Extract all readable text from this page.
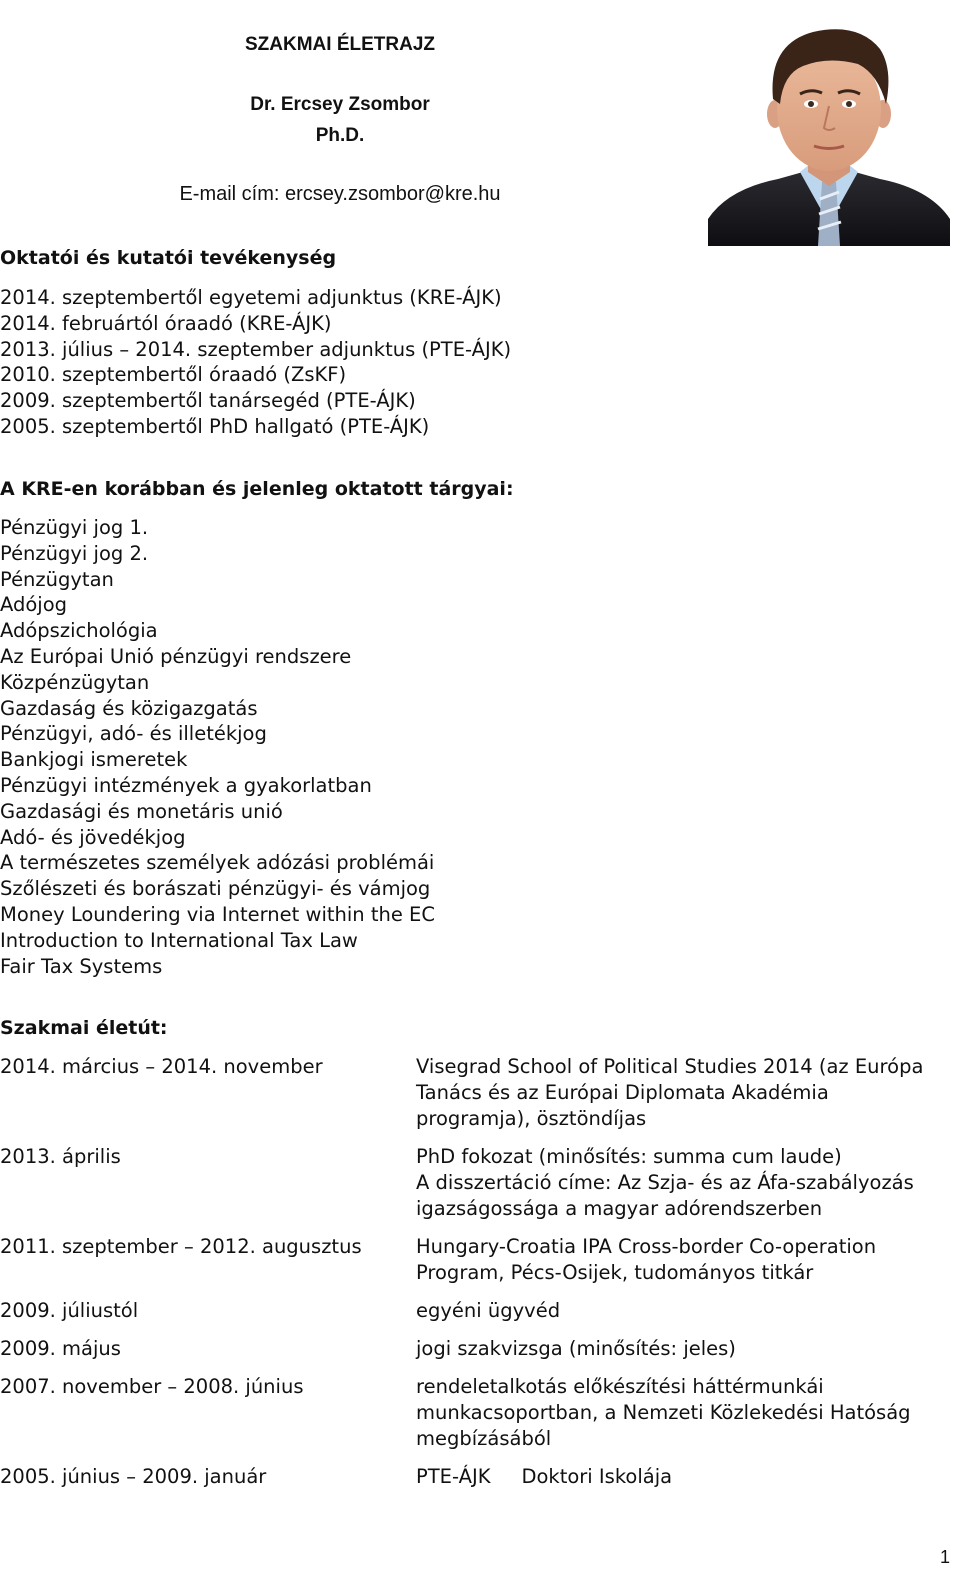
SZAKMAI ÉLETRAJZ
Dr. Ercsey Zsombor
Ph.D.
E-mail cím: ercsey.zsombor@kre.hu
Oktatói és kutatói tevékenység
2014. szeptembertől egyetemi adjunktus (KRE-ÁJK)
2014. februártól óraadó (KRE-ÁJK)
2013. július – 2014. szeptember adjunktus (PTE-ÁJK)
2010. szeptembertől óraadó (ZsKF)
2009. szeptembertől tanársegéd (PTE-ÁJK)
2005. szeptembertől PhD hallgató (PTE-ÁJK)
A KRE-en korábban és jelenleg oktatott tárgyai:
Pénzügyi jog 1.
Pénzügyi jog 2.
Pénzügytan
Adójog
Adópszichológia
Az Európai Unió pénzügyi rendszere
Közpénzügytan
Gazdaság és közigazgatás
Pénzügyi, adó- és illetékjog
Bankjogi ismeretek
Pénzügyi intézmények a gyakorlatban
Gazdasági és monetáris unió
Adó- és jövedékjog
A természetes személyek adózási problémái
Szőlészeti és borászati pénzügyi- és vámjog
Money Loundering via Internet within the EC
Introduction to International Tax Law
Fair Tax Systems
Szakmai életút:
2014. március – 2014. november	Visegrad School of Political Studies 2014 (az Európa
Tanács és az Európai Diplomata Akadémia
programja), ösztöndíjas
2013. április	PhD fokozat (minősítés: summa cum laude)
A disszertáció címe: Az Szja- és az Áfa-szabályozás
igazságossága a magyar adórendszerben
2011. szeptember – 2012. augusztus	Hungary-Croatia IPA Cross-border Co-operation
Program, Pécs-Osijek, tudományos titkár
2009. júliustól	egyéni ügyvéd
2009. május	jogi szakvizsga (minősítés: jeles)
2007. november – 2008. június	rendeletalkotás előkészítési háttérmunkái
munkacsoportban, a Nemzeti Közlekedési Hatóság
megbízásából
2005. június – 2009. január	PTE-ÁJK     Doktori Iskolája
1
